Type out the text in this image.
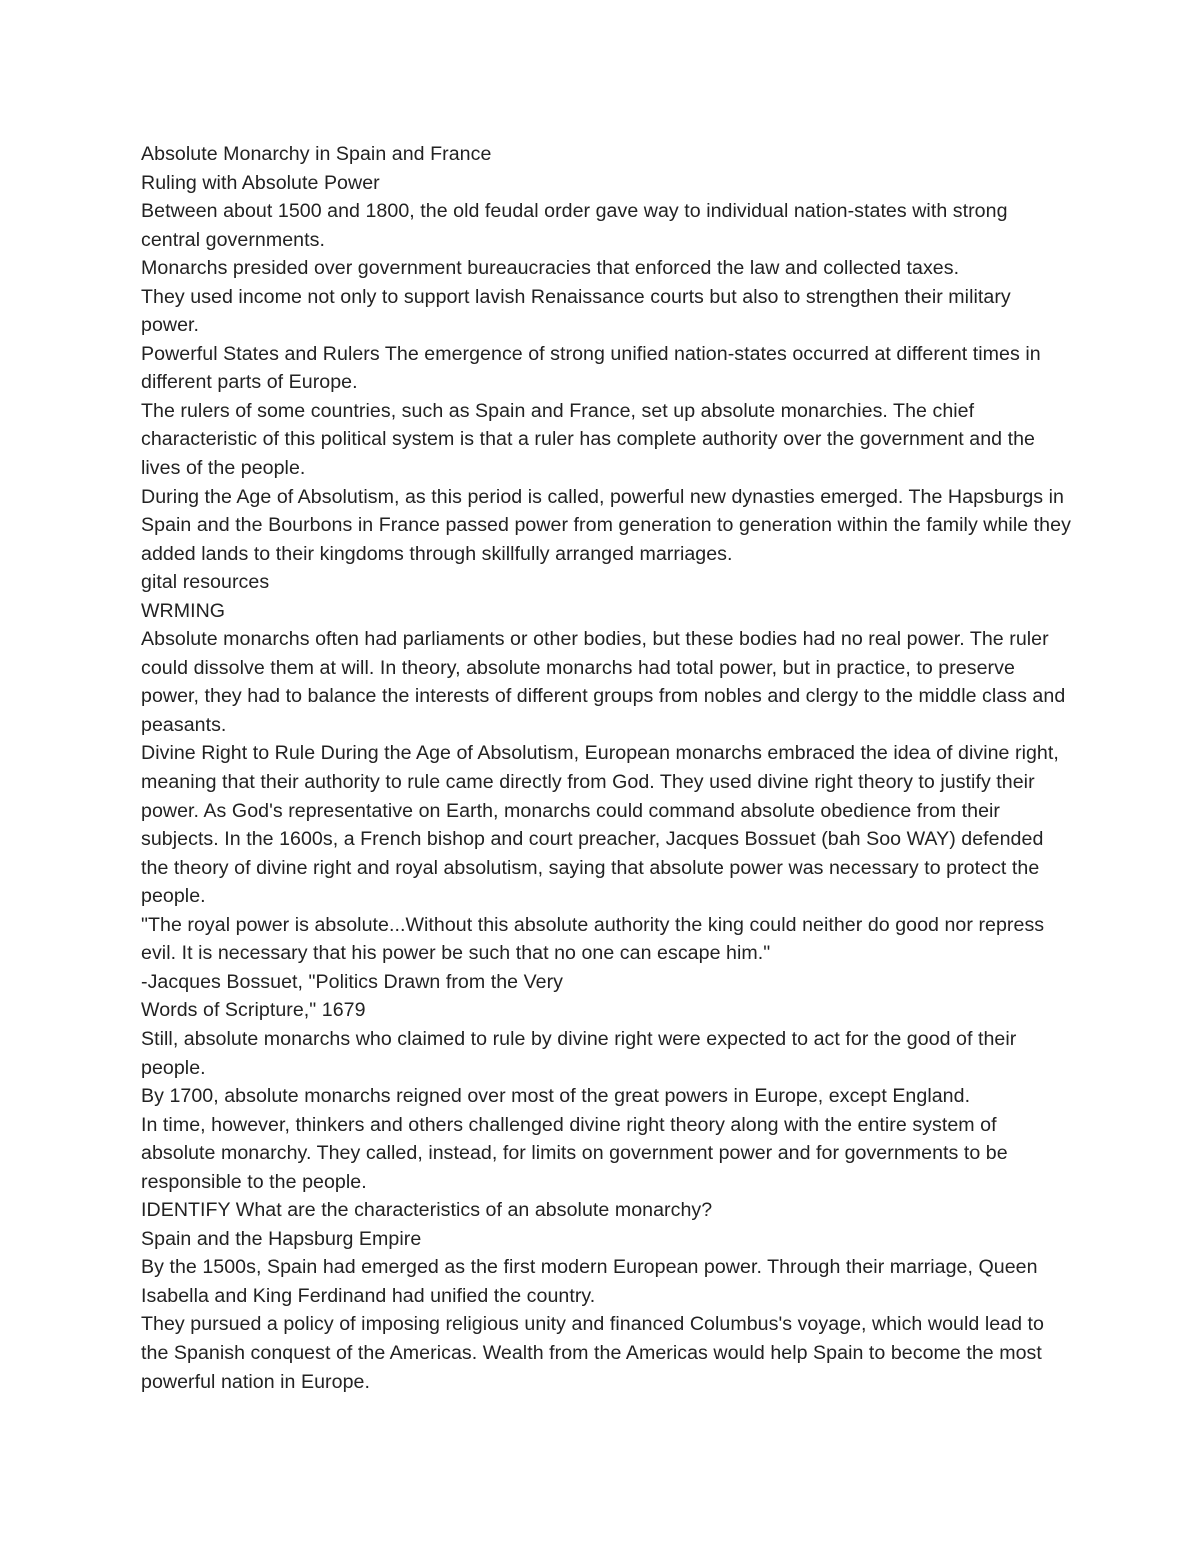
Absolute Monarchy in Spain and France

Ruling with Absolute Power

Between about 1500 and 1800, the old feudal order gave way to individual nation-states with strong central governments.

Monarchs presided over government bureaucracies that enforced the law and collected taxes.

They used income not only to support lavish Renaissance courts but also to strengthen their military power.

Powerful States and Rulers The emergence of strong unified nation-states occurred at different times in different parts of Europe.

The rulers of some countries, such as Spain and France, set up absolute monarchies. The chief characteristic of this political system is that a ruler has complete authority over the government and the lives of the people.

During the Age of Absolutism, as this period is called, powerful new dynasties emerged. The Hapsburgs in Spain and the Bourbons in France passed power from generation to generation within the family while they added lands to their kingdoms through skillfully arranged marriages.

gital resources

WRMING

Absolute monarchs often had parliaments or other bodies, but these bodies had no real power. The ruler could dissolve them at will. In theory, absolute monarchs had total power, but in practice, to preserve power, they had to balance the interests of different groups from nobles and clergy to the middle class and peasants.

Divine Right to Rule During the Age of Absolutism, European monarchs embraced the idea of divine right, meaning that their authority to rule came directly from God. They used divine right theory to justify their power. As God's representative on Earth, monarchs could command absolute obedience from their subjects. In the 1600s, a French bishop and court preacher, Jacques Bossuet (bah Soo WAY) defended the theory of divine right and royal absolutism, saying that absolute power was necessary to protect the people.

"The royal power is absolute...Without this absolute authority the king could neither do good nor repress evil. It is necessary that his power be such that no one can escape him."

-Jacques Bossuet, "Politics Drawn from the Very

Words of Scripture," 1679

Still, absolute monarchs who claimed to rule by divine right were expected to act for the good of their people.

By 1700, absolute monarchs reigned over most of the great powers in Europe, except England.

In time, however, thinkers and others challenged divine right theory along with the entire system of absolute monarchy. They called, instead, for limits on government power and for governments to be responsible to the people.

IDENTIFY What are the characteristics of an absolute monarchy?

Spain and the Hapsburg Empire

By the 1500s, Spain had emerged as the first modern European power. Through their marriage, Queen Isabella and King Ferdinand had unified the country.

They pursued a policy of imposing religious unity and financed Columbus's voyage, which would lead to the Spanish conquest of the Americas. Wealth from the Americas would help Spain to become the most powerful nation in Europe.
